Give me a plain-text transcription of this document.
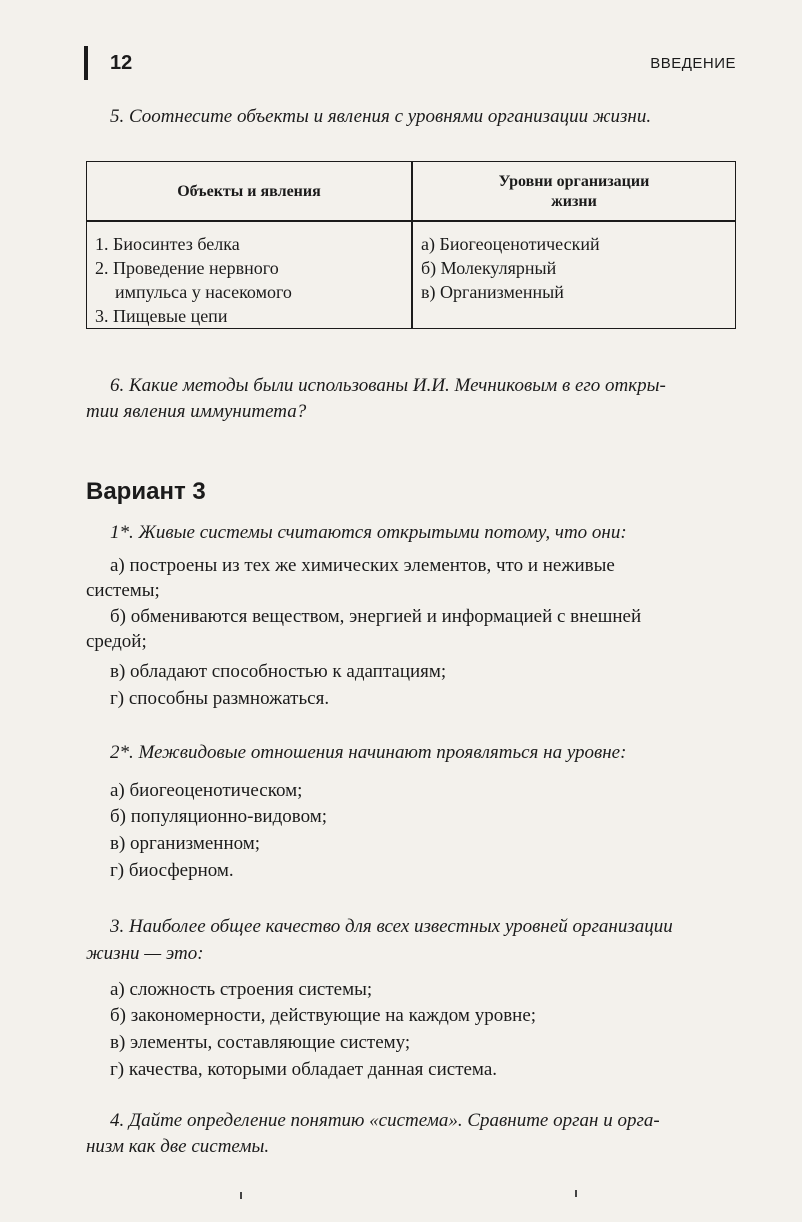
12	ВВЕДЕНИЕ
5. Соотнесите объекты и явления с уровнями организации жизни.
Объекты и явления
Уровни организации
жизни
1. Биосинтез белка
2. Проведение нервного
импульса у насекомого
3. Пищевые цепи
а) Биогеоценотический
б) Молекулярный
в) Организменный
6. Какие методы были использованы И.И. Мечниковым в его откры-
тии явления иммунитета?
Вариант 3
1*. Живые системы считаются открытыми потому, что они:
а) построены из тех же химических элементов, что и неживые
системы;
б) обмениваются веществом, энергией и информацией с внешней
средой;
в) обладают способностью к адаптациям;
г) способны размножаться.
2*. Межвидовые отношения начинают проявляться на уровне:
а) биогеоценотическом;
б) популяционно-видовом;
в) организменном;
г) биосферном.
3. Наиболее общее качество для всех известных уровней организации
жизни — это:
а) сложность строения системы;
б) закономерности, действующие на каждом уровне;
в) элементы, составляющие систему;
г) качества, которыми обладает данная система.
4. Дайте определение понятию «система». Сравните орган и орга-
низм как две системы.
